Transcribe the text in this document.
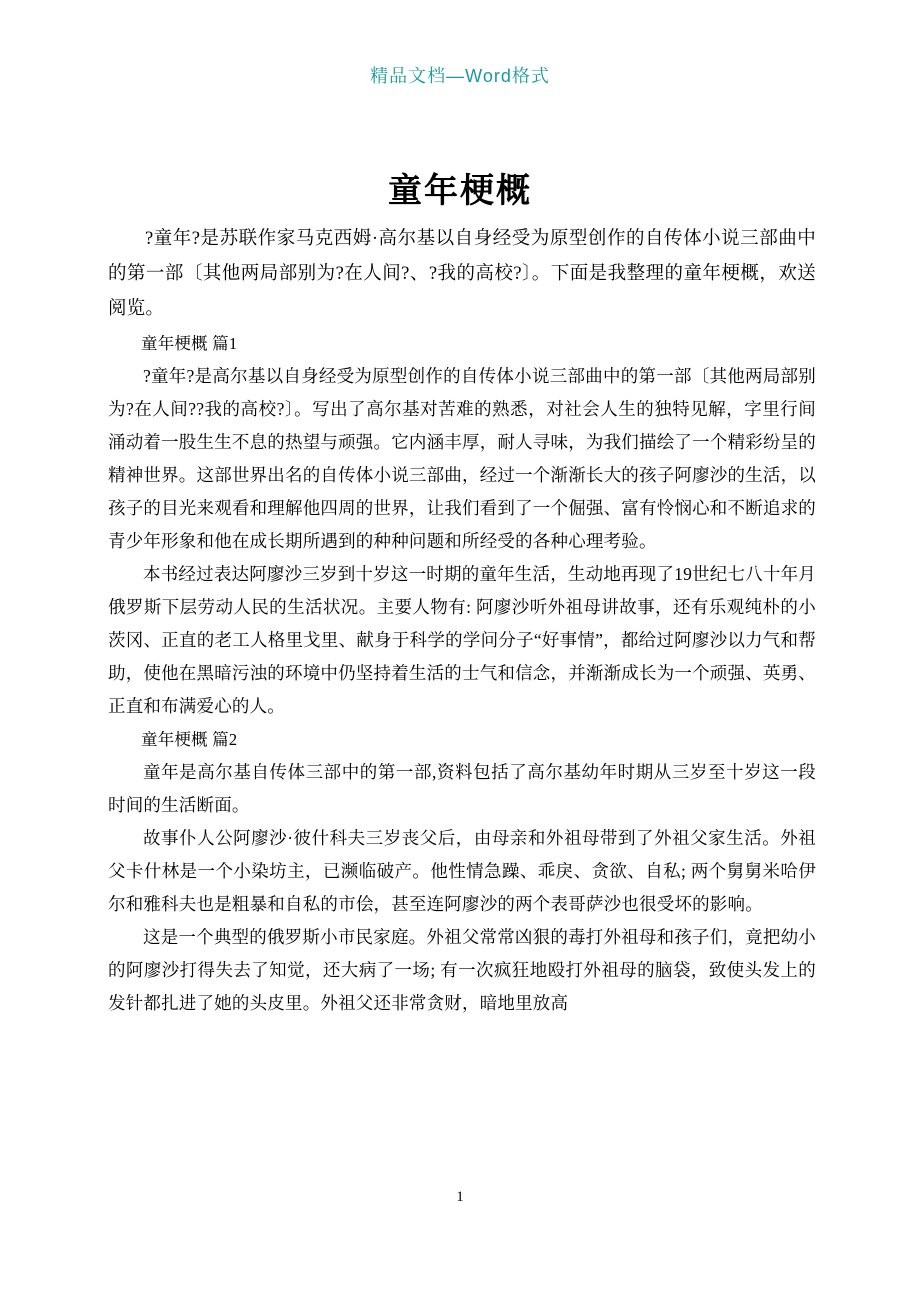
精品文档—Word格式
童年梗概

?童年?是苏联作家马克西姆·高尔基以自身经受为原型创作的自传体小说三部曲中的第一部〔其他两局部别为?在人间?、?我的高校?〕。下面是我整理的童年梗概，欢送阅览。

童年梗概 篇1

?童年?是高尔基以自身经受为原型创作的自传体小说三部曲中的第一部〔其他两局部别为?在人间??我的高校?〕。写出了高尔基对苦难的熟悉，对社会人生的独特见解，字里行间涌动着一股生生不息的热望与顽强。它内涵丰厚，耐人寻味，为我们描绘了一个精彩纷呈的精神世界。这部世界出名的自传体小说三部曲，经过一个渐渐长大的孩子阿廖沙的生活，以孩子的目光来观看和理解他四周的世界，让我们看到了一个倔强、富有怜悯心和不断追求的青少年形象和他在成长期所遇到的种种问题和所经受的各种心理考验。

本书经过表达阿廖沙三岁到十岁这一时期的童年生活，生动地再现了19世纪七八十年月俄罗斯下层劳动人民的生活状况。主要人物有: 阿廖沙听外祖母讲故事，还有乐观纯朴的小茨冈、正直的老工人格里戈里、献身于科学的学问分子“好事情”，都给过阿廖沙以力气和帮助，使他在黑暗污浊的环境中仍坚持着生活的士气和信念，并渐渐成长为一个顽强、英勇、正直和布满爱心的人。

童年梗概 篇2

童年是高尔基自传体三部中的第一部,资料包括了高尔基幼年时期从三岁至十岁这一段时间的生活断面。

故事仆人公阿廖沙·彼什科夫三岁丧父后，由母亲和外祖母带到了外祖父家生活。外祖父卡什林是一个小染坊主，已濒临破产。他性情急躁、乖戾、贪欲、自私; 两个舅舅米哈伊尔和雅科夫也是粗暴和自私的市侩，甚至连阿廖沙的两个表哥萨沙也很受坏的影响。

这是一个典型的俄罗斯小市民家庭。外祖父常常凶狠的毒打外祖母和孩子们，竟把幼小的阿廖沙打得失去了知觉，还大病了一场; 有一次疯狂地殴打外祖母的脑袋，致使头发上的发针都扎进了她的头皮里。外祖父还非常贪财，暗地里放高

1
